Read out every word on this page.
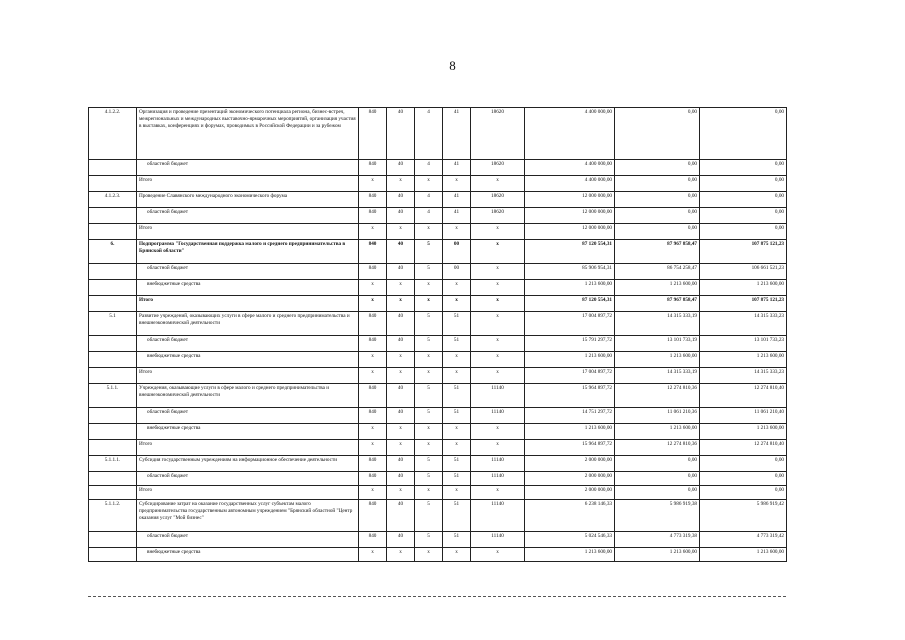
8
4.1.2.2.	Организация и проведение презентаций экономического потенциала региона, бизнес-встреч, межрегиональных и международных выставочно-ярмарочных мероприятий, организация участия в выставках, конференциях и форумах, проводимых в Российской Федерации и за рубежом	840	40	4	41	18620	4 400 000,00	0,00	0,00
	областной бюджет	840	40	4	41	18620	4 400 000,00	0,00	0,00
	Итого	x	x	x	x	x	4 400 000,00	0,00	0,00
4.1.2.3.	Проведение Славянского международного экономического форума	840	40	4	41	18620	12 000 000,00	0,00	0,00
	областной бюджет	840	40	4	41	18620	12 000 000,00	0,00	0,00
	Итого	x	x	x	x	x	12 000 000,00	0,00	0,00
6.	Подпрограмма "Государственная поддержка малого и среднего предпринимательства в Брянской области"	840	40	5	00	x	87 120 554,31	87 967 858,47	107 875 121,23
	областной бюджет	840	40	5	00	x	85 906 954,31	86 754 258,47	106 661 521,23
	внебюджетные средства	x	x	x	x	x	1 213 600,00	1 213 600,00	1 213 600,00
	Итого	x	x	x	x	x	87 120 554,31	87 967 858,47	107 875 121,23
5.1	Развитие учреждений, оказывающих услуги в сфере малого и среднего предпринимательства и внешнеэкономической деятельности	840	40	5	51	x	17 004 897,72	14 315 333,19	14 315 333,23
	областной бюджет	840	40	5	51	x	15 791 297,72	13 101 733,19	13 101 733,23
	внебюджетные средства	x	x	x	x	x	1 213 600,00	1 213 600,00	1 213 600,00
	Итого	x	x	x	x	x	17 004 897,72	14 315 333,19	14 315 333,23
5.1.1.	Учреждения, оказывающие услуги в сфере малого и среднего предпринимательства и внешнеэкономической деятельности	840	40	5	51	11140	15 964 897,72	12 274 810,36	12 274 810,40
	областной бюджет	840	40	5	51	11140	14 751 297,72	11 061 210,36	11 061 210,40
	внебюджетные средства	x	x	x	x	x	1 213 600,00	1 213 600,00	1 213 600,00
	Итого	x	x	x	x	x	15 964 897,72	12 274 810,36	12 274 810,40
5.1.1.1.	Субсидия государственным учреждениям на информационное обеспечение деятельности	840	40	5	51	11140	2 000 000,00	0,00	0,00
	областной бюджет	840	40	5	51	11140	2 000 000,00	0,00	0,00
	Итого	x	x	x	x	x	2 000 000,00	0,00	0,00
5.1.1.2.	Субсидирование затрат на оказание государственных услуг субъектам малого предпринимательства государственным автономным учреждением "Брянский областной "Центр оказания услуг "Мой бизнес"	840	40	5	51	11140	6 238 146,33	5 986 919,38	5 986 919,42
	областной бюджет	840	40	5	51	11140	5 024 546,33	4 773 319,38	4 773 319,42
	внебюджетные средства	x	x	x	x	x	1 213 600,00	1 213 600,00	1 213 600,00
